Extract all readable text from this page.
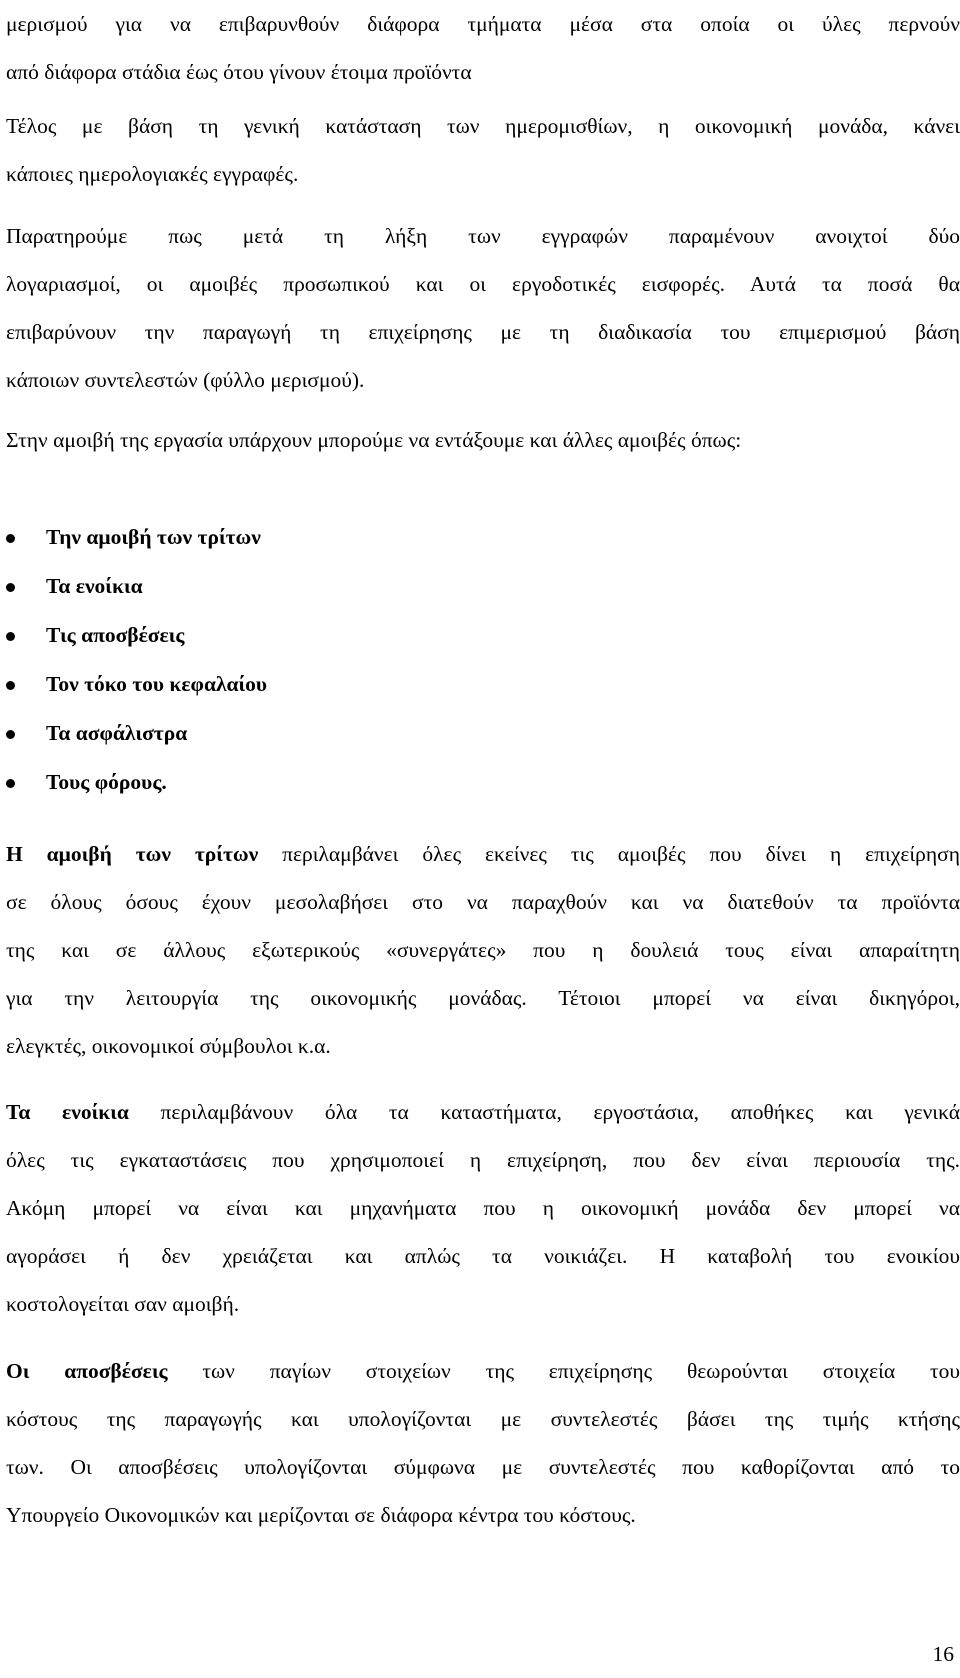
μερισμού για να επιβαρυνθούν διάφορα τμήματα μέσα στα οποία οι ύλες περνούν
από διάφορα στάδια έως ότου γίνουν έτοιμα προϊόντα
Τέλος με βάση τη γενική κατάσταση των ημερομισθίων, η οικονομική μονάδα, κάνει
κάποιες ημερολογιακές εγγραφές.
Παρατηρούμε πως μετά τη λήξη των εγγραφών παραμένουν ανοιχτοί δύο
λογαριασμοί, οι αμοιβές προσωπικού και οι εργοδοτικές εισφορές. Αυτά τα ποσά θα
επιβαρύνουν την παραγωγή τη επιχείρησης με τη διαδικασία του επιμερισμού βάση
κάποιων συντελεστών (φύλλο μερισμού).
Στην αμοιβή της εργασία υπάρχουν μπορούμε να εντάξουμε και άλλες αμοιβές όπως:
Την αμοιβή των τρίτων
Τα ενοίκια
Τις αποσβέσεις
Τον τόκο του κεφαλαίου
Τα ασφάλιστρα
Τους φόρους.
Η αμοιβή των τρίτων περιλαμβάνει όλες εκείνες τις αμοιβές που δίνει η επιχείρηση
σε όλους όσους έχουν μεσολαβήσει στο να παραχθούν και να διατεθούν τα προϊόντα
της και σε άλλους εξωτερικούς «συνεργάτες» που η δουλειά τους είναι απαραίτητη
για την λειτουργία της οικονομικής μονάδας. Τέτοιοι μπορεί να είναι δικηγόροι,
ελεγκτές, οικονομικοί σύμβουλοι κ.α.
Τα ενοίκια περιλαμβάνουν όλα τα καταστήματα, εργοστάσια, αποθήκες και γενικά
όλες τις εγκαταστάσεις που χρησιμοποιεί η επιχείρηση, που δεν είναι περιουσία της.
Ακόμη μπορεί να είναι και μηχανήματα που η οικονομική μονάδα δεν μπορεί να
αγοράσει ή δεν χρειάζεται και απλώς τα νοικιάζει. Η καταβολή του ενοικίου
κοστολογείται σαν αμοιβή.
Οι αποσβέσεις των παγίων στοιχείων της επιχείρησης θεωρούνται στοιχεία του
κόστους της παραγωγής και υπολογίζονται με συντελεστές βάσει της τιμής κτήσης
των. Οι αποσβέσεις υπολογίζονται σύμφωνα με συντελεστές που καθορίζονται από το
Υπουργείο Οικονομικών και μερίζονται σε διάφορα κέντρα του κόστους.
16
